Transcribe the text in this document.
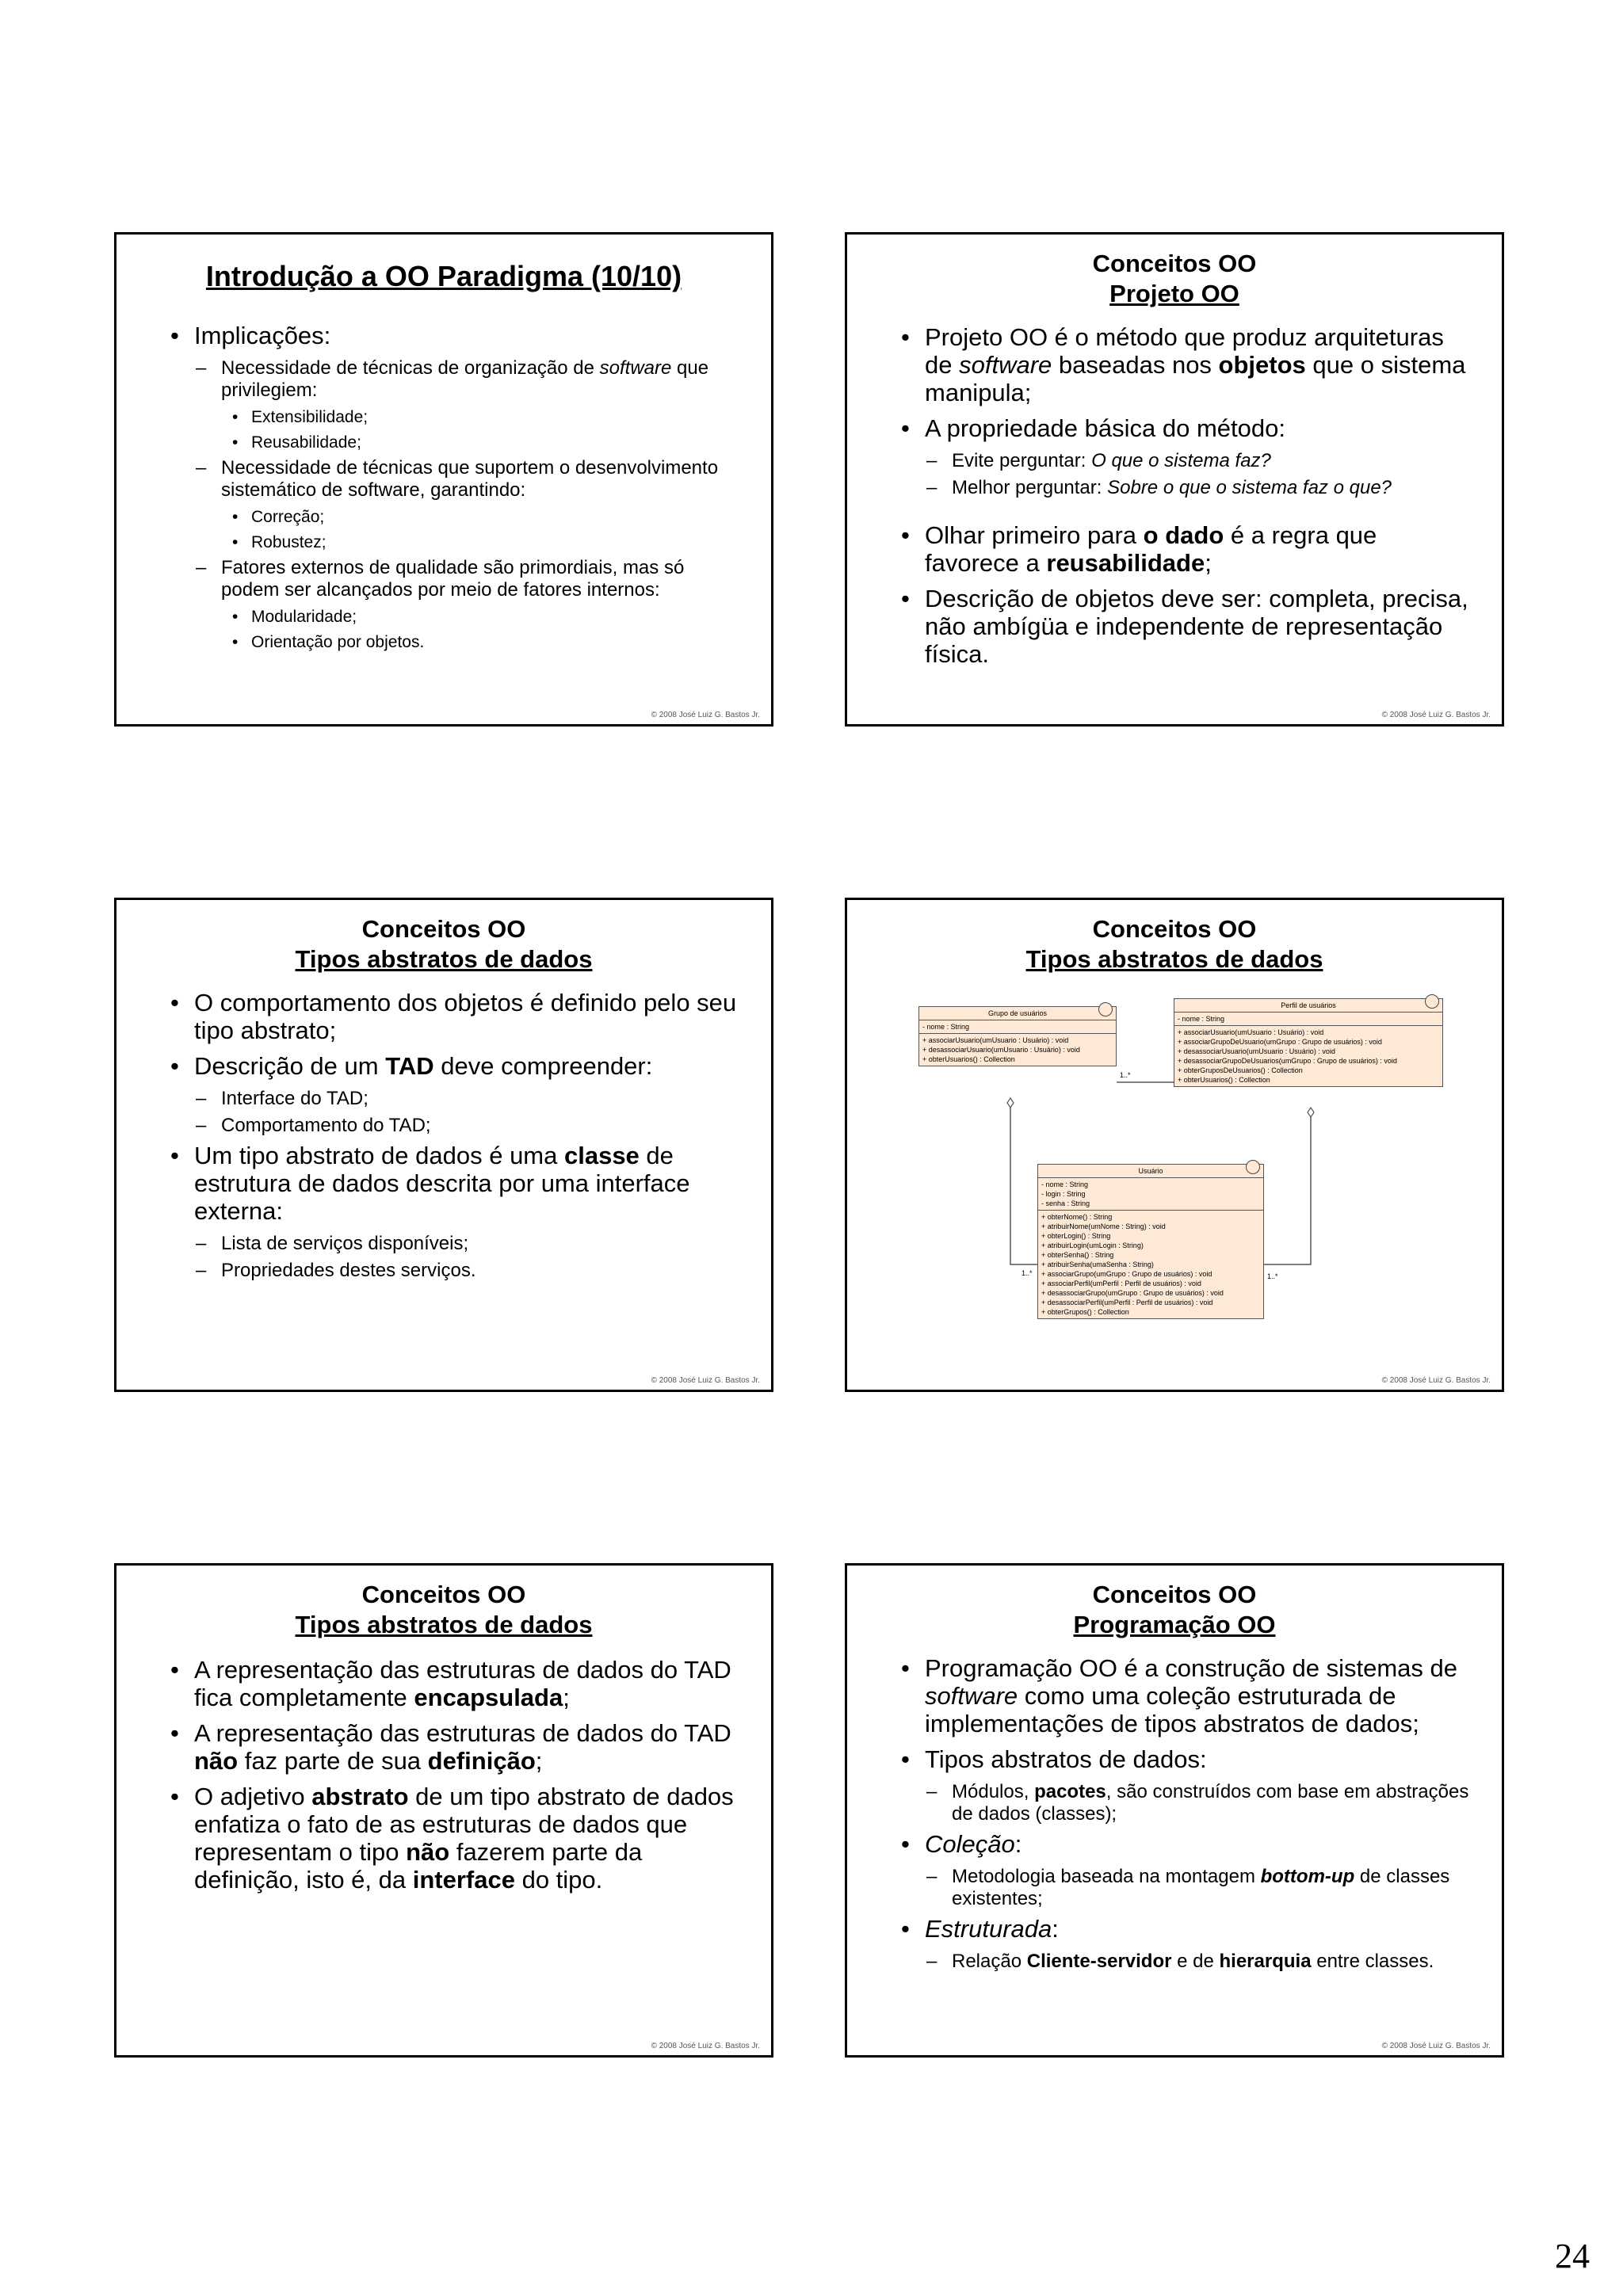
Introdução a OO Paradigma (10/10)
• Implicações:
– Necessidade de técnicas de organização de software que privilegiem:
• Extensibilidade;
• Reusabilidade;
– Necessidade de técnicas que suportem o desenvolvimento sistemático de software, garantindo:
• Correção;
• Robustez;
– Fatores externos de qualidade são primordiais, mas só podem ser alcançados por meio de fatores internos:
• Modularidade;
• Orientação por objetos.
© 2008 José Luiz G. Bastos Jr.
Conceitos OO
Projeto OO
• Projeto OO é o método que produz arquiteturas de software baseadas nos objetos que o sistema manipula;
• A propriedade básica do método:
– Evite perguntar: O que o sistema faz?
– Melhor perguntar: Sobre o que o sistema faz o que?
• Olhar primeiro para o dado é a regra que favorece a reusabilidade;
• Descrição de objetos deve ser: completa, precisa, não ambígüa e independente de representação física.
© 2008 José Luiz G. Bastos Jr.
Conceitos OO
Tipos abstratos de dados
• O comportamento dos objetos é definido pelo seu tipo abstrato;
• Descrição de um TAD deve compreender:
– Interface do TAD;
– Comportamento do TAD;
• Um tipo abstrato de dados é uma classe de estrutura de dados descrita por uma interface externa:
– Lista de serviços disponíveis;
– Propriedades destes serviços.
© 2008 José Luiz G. Bastos Jr.
Conceitos OO
Tipos abstratos de dados
Grupo de usuários
- nome : String
+ associarUsuario(umUsuario : Usuário) : void
+ desassociarUsuario(umUsuario : Usuário) : void
+ obterUsuarios() : Collection
1..*
Perfil de usuários
- nome : String
+ associarUsuario(umUsuario : Usuário) : void
+ associarGrupoDeUsuario(umGrupo : Grupo de usuários) : void
+ desassociarUsuario(umUsuario : Usuário) : void
+ desassociarGrupoDeUsuarios(umGrupo : Grupo de usuários) : void
+ obterGruposDeUsuarios() : Collection
+ obterUsuarios() : Collection
Usuário
- nome : String
- login : String
- senha : String
+ obterNome() : String
+ atribuirNome(umNome : String) : void
+ obterLogin() : String
+ atribuirLogin(umLogin : String)
+ obterSenha() : String
+ atribuirSenha(umaSenha : String)
+ associarGrupo(umGrupo : Grupo de usuários) : void
+ associarPerfil(umPerfil : Perfil de usuários) : void
+ desassociarGrupo(umGrupo : Grupo de usuários) : void
+ desassociarPerfil(umPerfil : Perfil de usuários) : void
+ obterGrupos() : Collection
1..*	1..*
© 2008 José Luiz G. Bastos Jr.
Conceitos OO
Tipos abstratos de dados
• A representação das estruturas de dados do TAD fica completamente encapsulada;
• A representação das estruturas de dados do TAD não faz parte de sua definição;
• O adjetivo abstrato de um tipo abstrato de dados enfatiza o fato de as estruturas de dados que representam o tipo não fazerem parte da definição, isto é, da interface do tipo.
© 2008 José Luiz G. Bastos Jr.
Conceitos OO
Programação OO
• Programação OO é a construção de sistemas de software como uma coleção estruturada de implementações de tipos abstratos de dados;
• Tipos abstratos de dados:
– Módulos, pacotes, são construídos com base em abstrações de dados (classes);
• Coleção:
– Metodologia baseada na montagem bottom-up de classes existentes;
• Estruturada:
– Relação Cliente-servidor e de hierarquia entre classes.
© 2008 José Luiz G. Bastos Jr.
24
